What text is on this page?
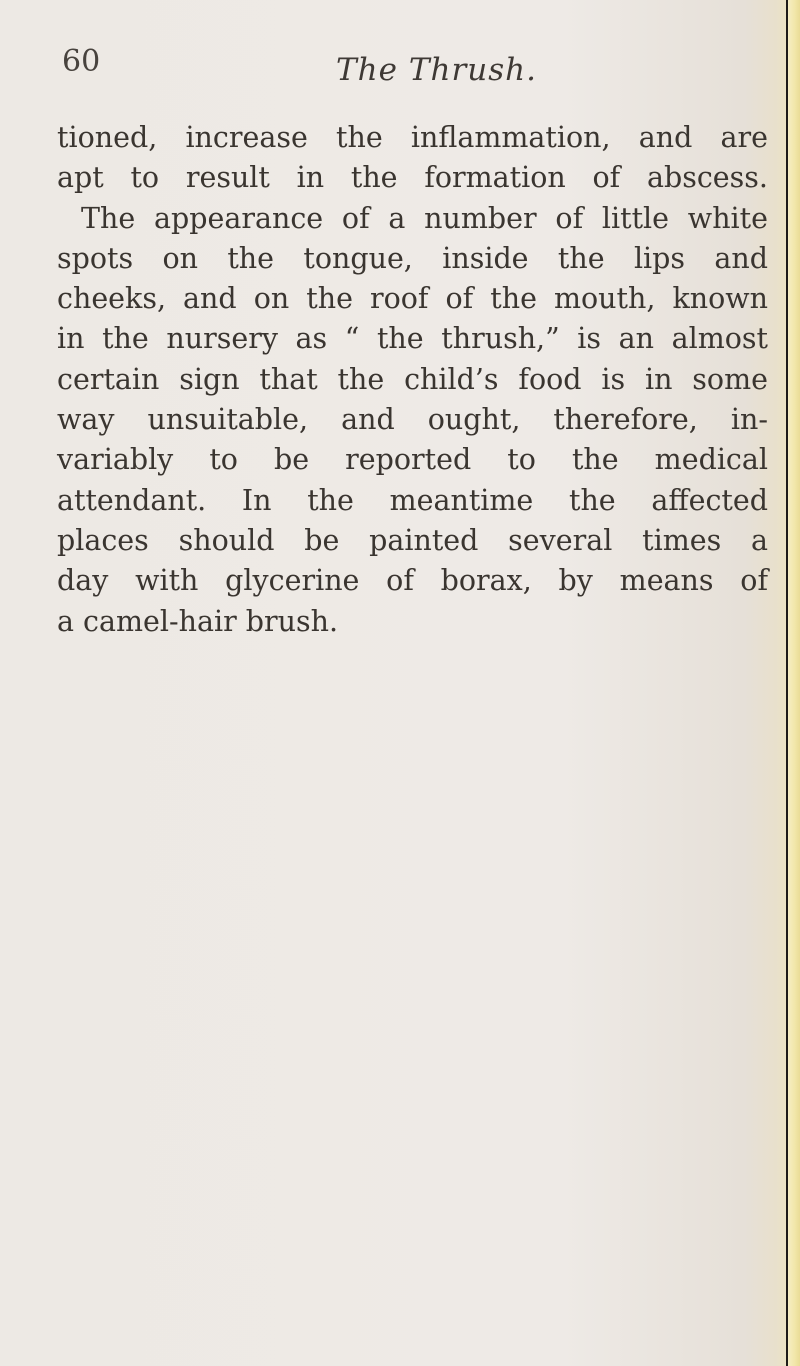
60	The Thrush.
tioned, increase the inflammation, and are
apt to result in the formation of abscess.
The appearance of a number of little white
spots on the tongue, inside the lips and
cheeks, and on the roof of the mouth, known
in the nursery as “ the thrush,” is an almost
certain sign that the child’s food is in some
way unsuitable, and ought, therefore, in-
variably to be reported to the medical
attendant. In the meantime the affected
places should be painted several times a
day with glycerine of borax, by means of
a camel-hair brush.
